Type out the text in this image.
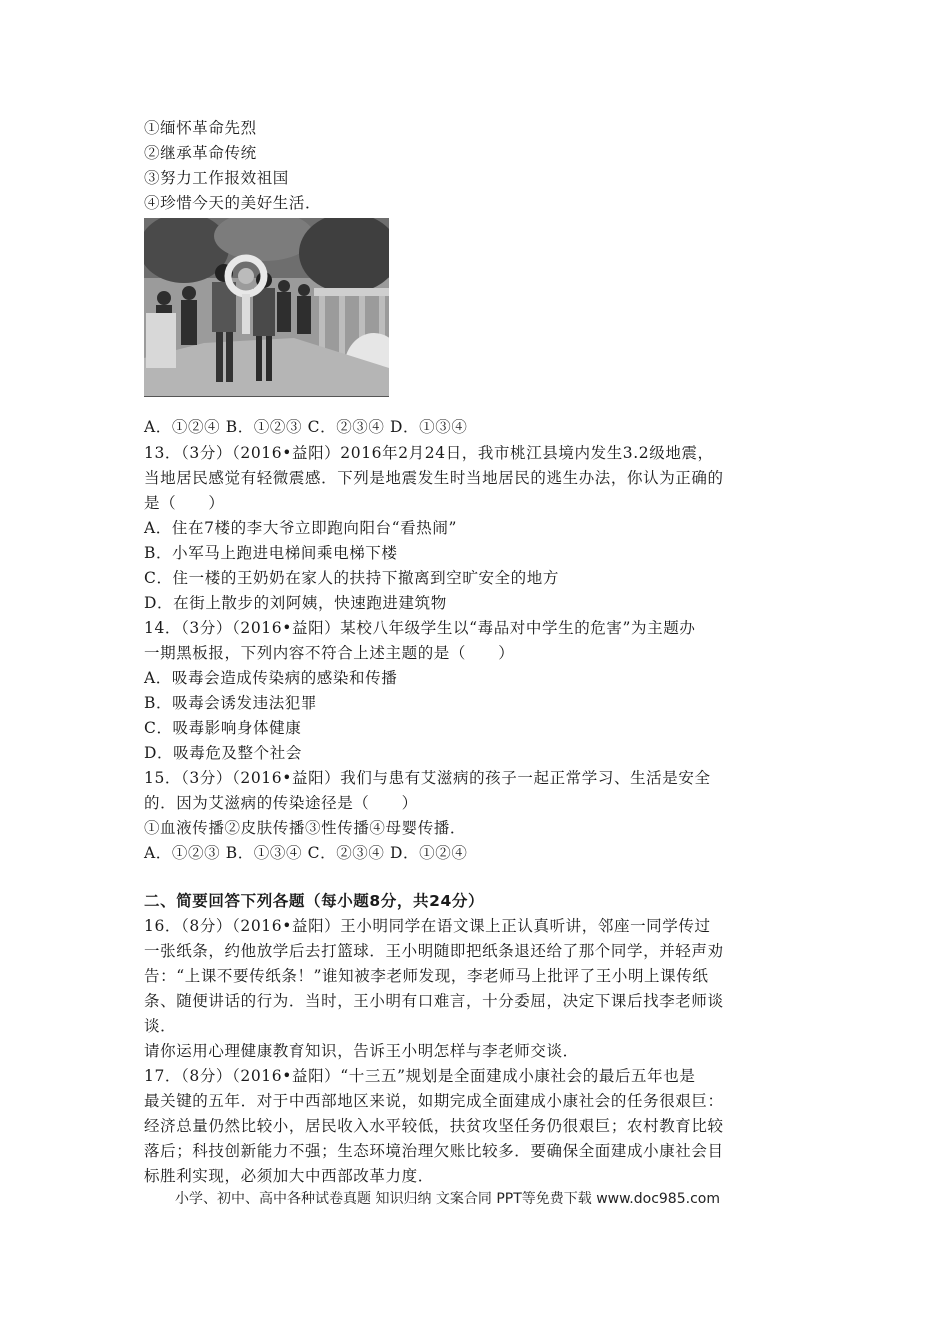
①缅怀革命先烈
②继承革命传统
③努力工作报效祖国
④珍惜今天的美好生活．
A．①②④ B．①②③ C．②③④ D．①③④
13．（3分）（2016•益阳）2016年2月24日，我市桃江县境内发生3.2级地震，
当地居民感觉有轻微震感．下列是地震发生时当地居民的逃生办法，你认为正确的
是（　　）
A．住在7楼的李大爷立即跑向阳台“看热闹”
B．小军马上跑进电梯间乘电梯下楼
C．住一楼的王奶奶在家人的扶持下撤离到空旷安全的地方
D．在街上散步的刘阿姨，快速跑进建筑物
14．（3分）（2016•益阳）某校八年级学生以“毒品对中学生的危害”为主题办
一期黑板报，下列内容不符合上述主题的是（　　）
A．吸毒会造成传染病的感染和传播
B．吸毒会诱发违法犯罪
C．吸毒影响身体健康
D．吸毒危及整个社会
15．（3分）（2016•益阳）我们与患有艾滋病的孩子一起正常学习、生活是安全
的．因为艾滋病的传染途径是（　　）
①血液传播②皮肤传播③性传播④母婴传播．
A．①②③ B．①③④ C．②③④ D．①②④
二、简要回答下列各题（每小题8分，共24分）
16．（8分）（2016•益阳）王小明同学在语文课上正认真听讲，邻座一同学传过
一张纸条，约他放学后去打篮球．王小明随即把纸条退还给了那个同学，并轻声劝
告：“上课不要传纸条！”谁知被李老师发现，李老师马上批评了王小明上课传纸
条、随便讲话的行为．当时，王小明有口难言，十分委屈，决定下课后找李老师谈
谈．
请你运用心理健康教育知识，告诉王小明怎样与李老师交谈．
17．（8分）（2016•益阳）“十三五”规划是全面建成小康社会的最后五年也是
最关键的五年．对于中西部地区来说，如期完成全面建成小康社会的任务很艰巨：
经济总量仍然比较小，居民收入水平较低，扶贫攻坚任务仍很艰巨；农村教育比较
落后；科技创新能力不强；生态环境治理欠账比较多．要确保全面建成小康社会目
标胜利实现，必须加大中西部改革力度．
小学、初中、高中各种试卷真题 知识归纳 文案合同 PPT等免费下载 www.doc985.com
